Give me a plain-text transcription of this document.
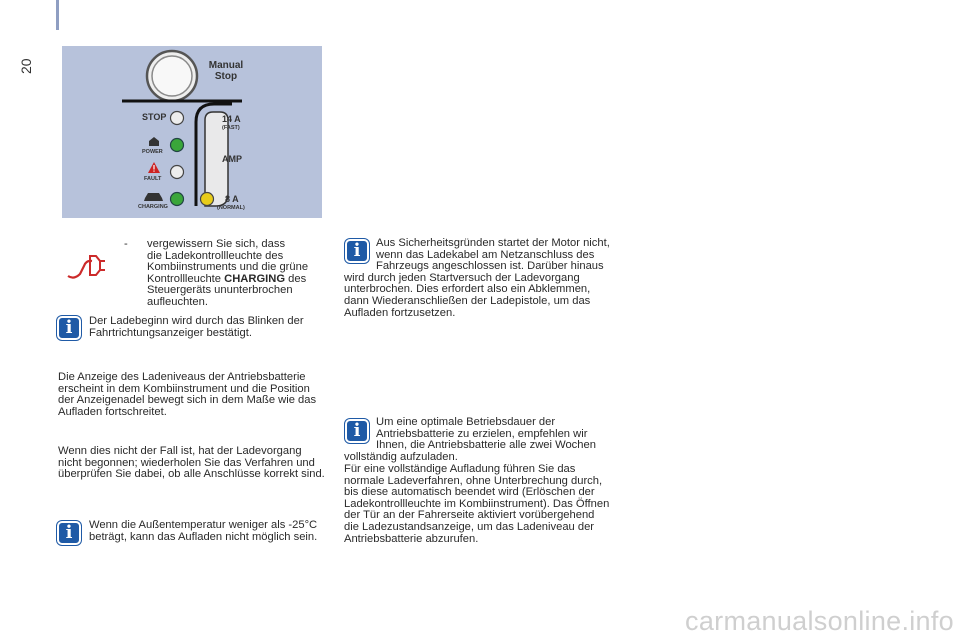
20	Manual
Stop
STOP
POWER
FAULT
CHARGING
14 A
(FAST)
AMP
8 A
(NORMAL)
- vergewissern Sie sich, dass
die Ladekontrollleuchte des
Kombiinstruments und die grüne
Kontrollleuchte CHARGING des
Steuergeräts ununterbrochen
aufleuchten.
i	Der Ladebeginn wird durch das Blinken der
Fahrtrichtungsanzeiger bestätigt.
Die Anzeige des Ladeniveaus der Antriebsbatterie
erscheint in dem Kombiinstrument und die Position
der Anzeigenadel bewegt sich in dem Maße wie das
Aufladen fortschreitet.
Wenn dies nicht der Fall ist, hat der Ladevorgang
nicht begonnen; wiederholen Sie das Verfahren und
überprüfen Sie dabei, ob alle Anschlüsse korrekt sind.
i	Wenn die Außentemperatur weniger als -25°C
beträgt, kann das Aufladen nicht möglich sein.
i	Aus Sicherheitsgründen startet der Motor nicht,
wenn das Ladekabel am Netzanschluss des
Fahrzeugs angeschlossen ist. Darüber hinaus
wird durch jeden Startversuch der Ladevorgang
unterbrochen. Dies erfordert also ein Abklemmen,
dann Wiederanschließen der Ladepistole, um das
Aufladen fortzusetzen.
i	Um eine optimale Betriebsdauer der
Antriebsbatterie zu erzielen, empfehlen wir
Ihnen, die Antriebsbatterie alle zwei Wochen
vollständig aufzuladen.
Für eine vollständige Aufladung führen Sie das
normale Ladeverfahren, ohne Unterbrechung durch,
bis diese automatisch beendet wird (Erlöschen der
Ladekontrollleuchte im Kombiinstrument). Das Öffnen
der Tür an der Fahrerseite aktiviert vorübergehend
die Ladezustandsanzeige, um das Ladeniveau der
Antriebsbatterie abzurufen.
carmanualsonline.info
